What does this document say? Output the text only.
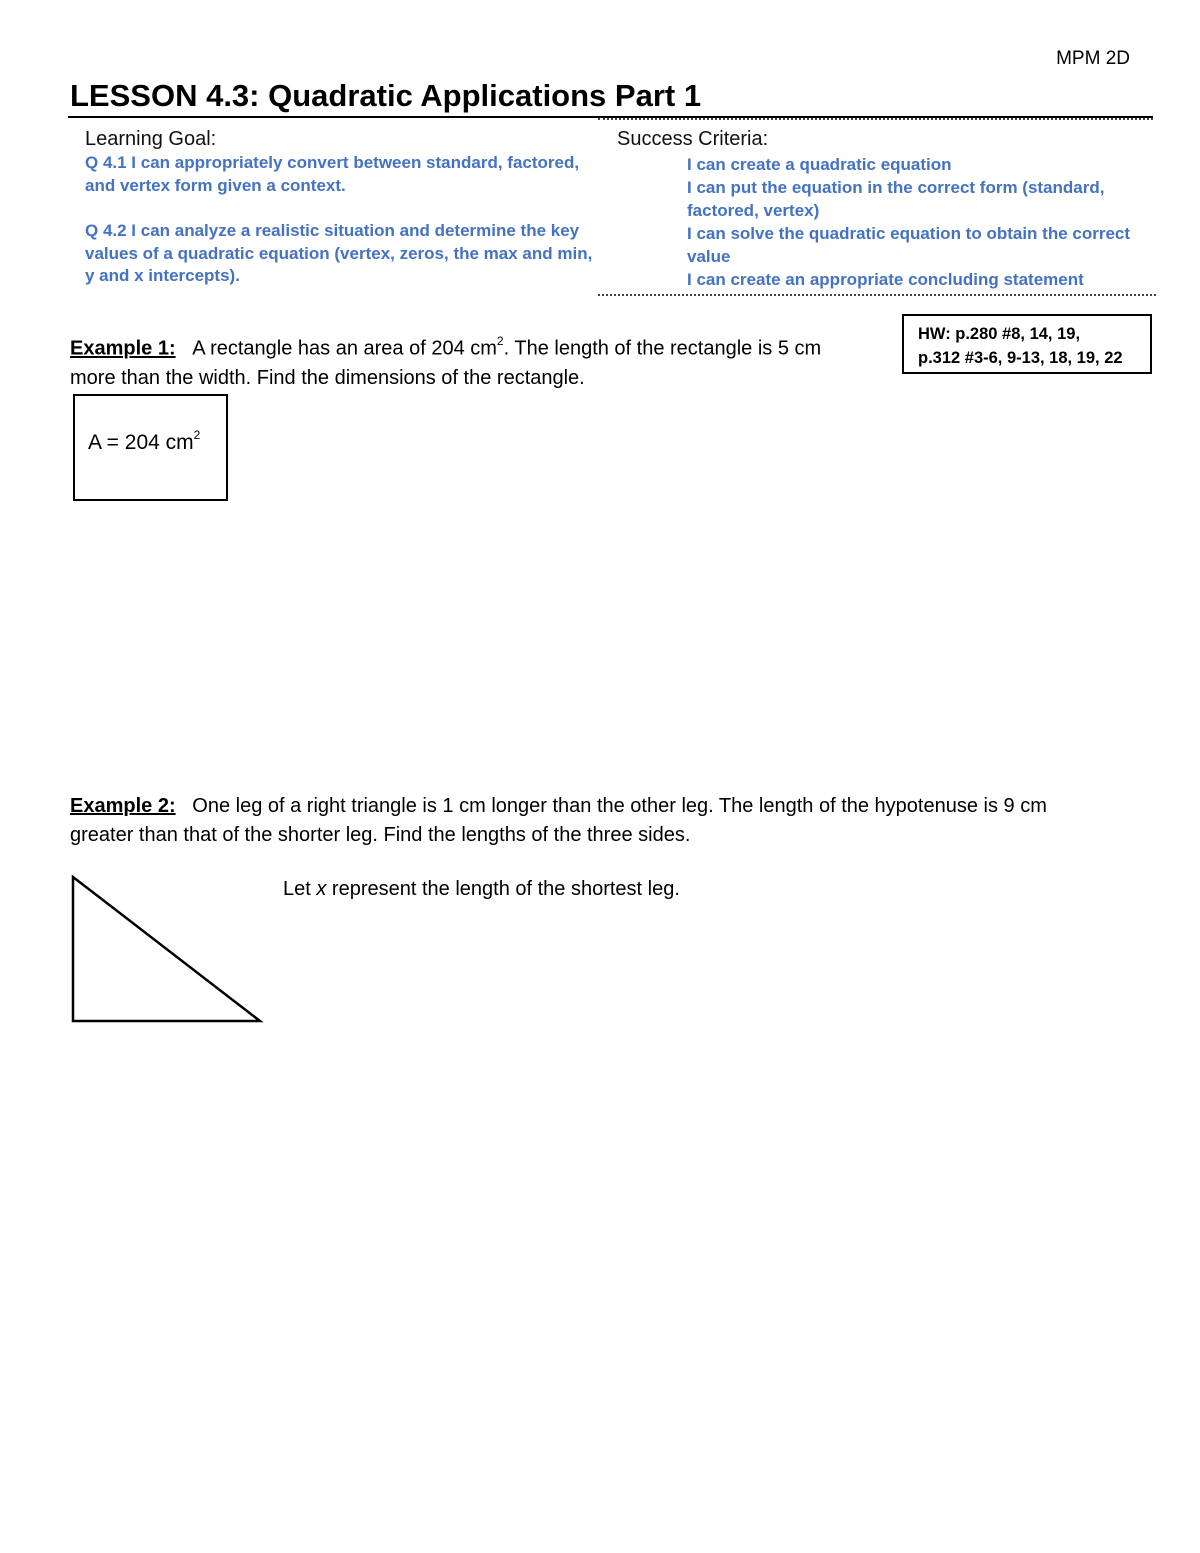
MPM 2D
LESSON 4.3: Quadratic Applications Part 1
Learning Goal:
Q 4.1 I can appropriately convert between standard, factored, and vertex form given a context.
Q 4.2 I can analyze a realistic situation and determine the key values of a quadratic equation (vertex, zeros, the max and min, y and x intercepts).
Success Criteria:
I can create a quadratic equation
I can put the equation in the correct form (standard, factored, vertex)
I can solve the quadratic equation to obtain the correct value
I can create an appropriate concluding statement
HW: p.280 #8, 14, 19,
p.312 #3-6, 9-13, 18, 19, 22
Example 1: A rectangle has an area of 204 $cm^2$. The length of the rectangle is 5 cm
more than the width. Find the dimensions of the rectangle.
A = 204 $cm^2$
Example 2: One leg of a right triangle is 1 cm longer than the other leg. The length of the hypotenuse is 9 cm
greater than that of the shorter leg. Find the lengths of the three sides.
Let x represent the length of the shortest leg.
